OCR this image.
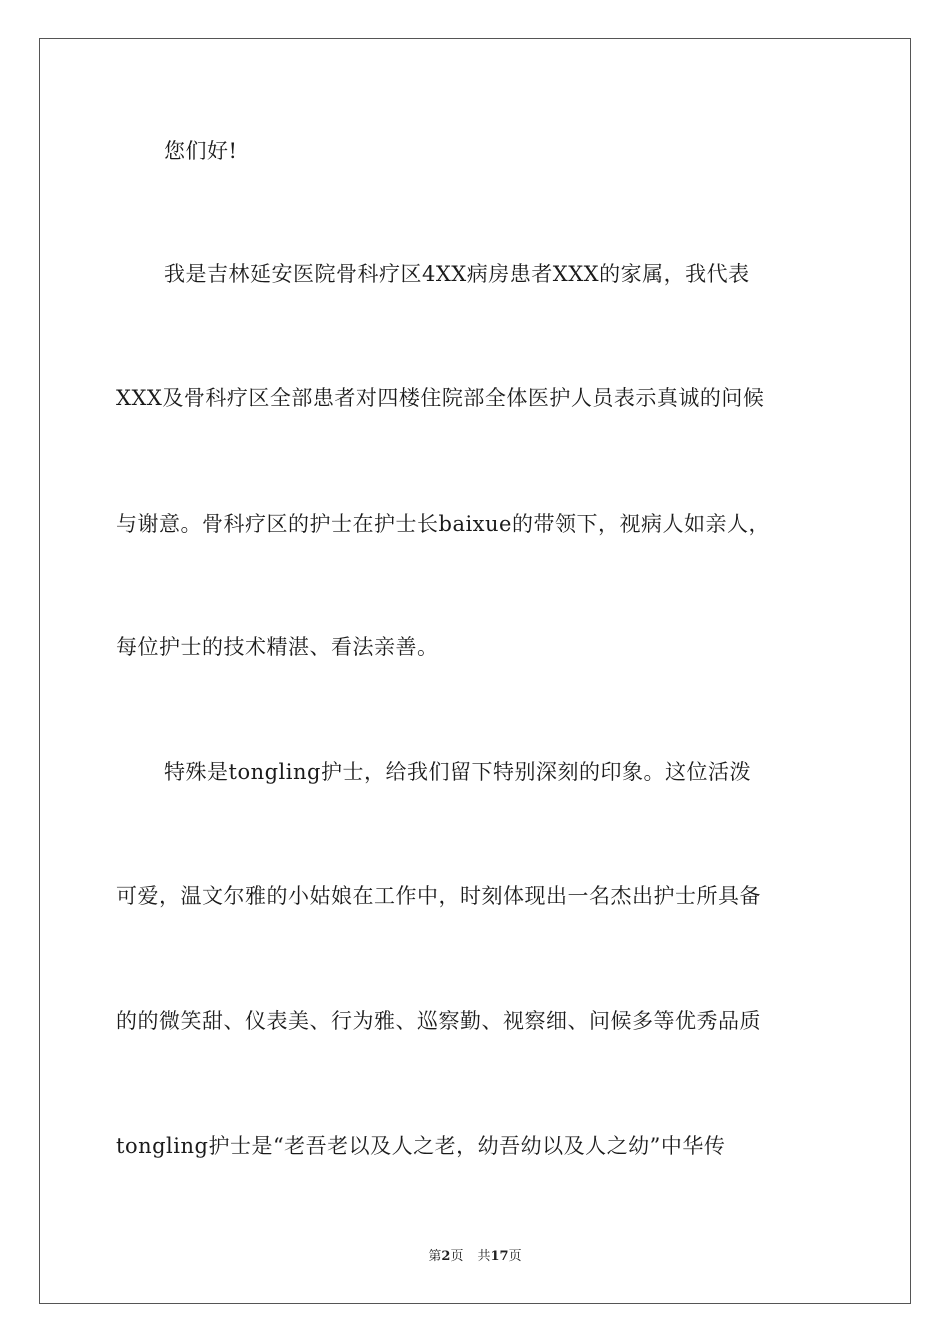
您们好!
我是吉林延安医院骨科疗区4XX病房患者XXX的家属，我代表
XXX及骨科疗区全部患者对四楼住院部全体医护人员表示真诚的问候
与谢意。骨科疗区的护士在护士长baixue的带领下，视病人如亲人，
每位护士的技术精湛、看法亲善。
特殊是tongling护士，给我们留下特别深刻的印象。这位活泼
可爱，温文尔雅的小姑娘在工作中，时刻体现出一名杰出护士所具备
的的微笑甜、仪表美、行为雅、巡察勤、视察细、问候多等优秀品质
tongling护士是“老吾老以及人之老，幼吾幼以及人之幼”中华传
第2页 共17页
